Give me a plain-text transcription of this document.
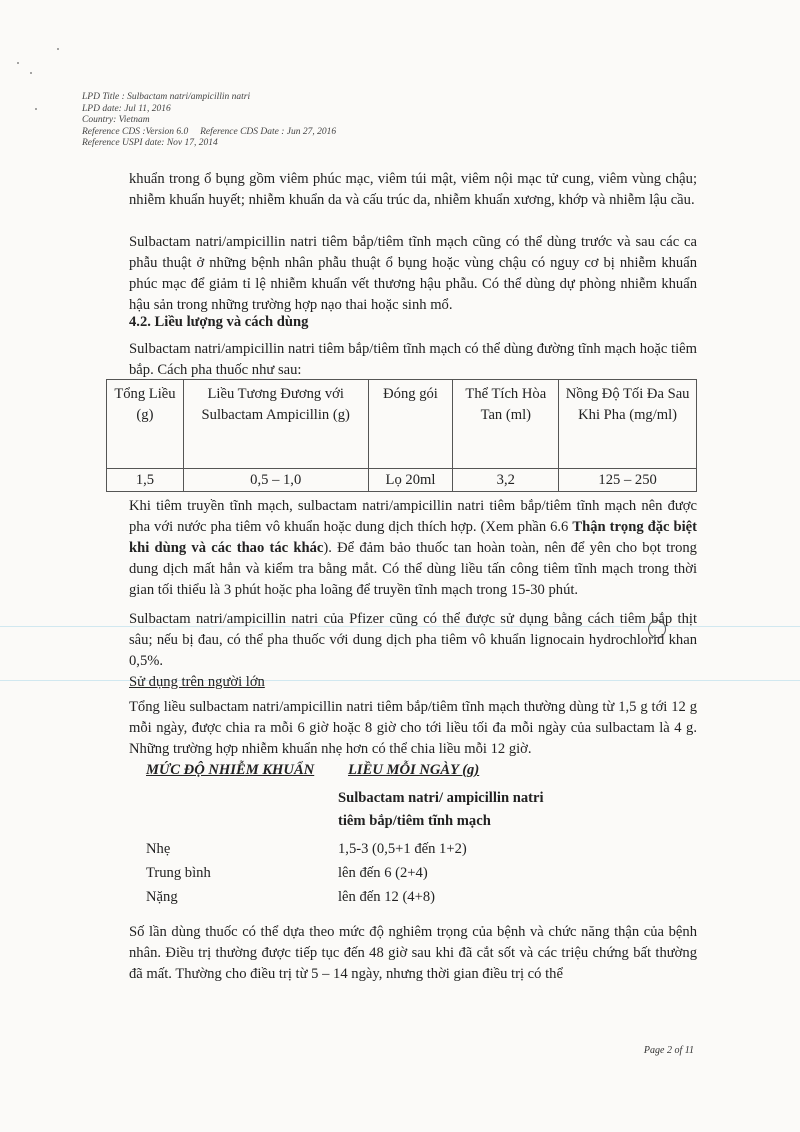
LPD Title : Sulbactam natri/ampicillin natri
LPD date: Jul 11, 2016
Country: Vietnam
Reference CDS :Version 6.0     Reference CDS Date : Jun 27, 2016
Reference USPI date: Nov 17, 2014

khuẩn trong ổ bụng gồm viêm phúc mạc, viêm túi mật, viêm nội mạc tử cung, viêm vùng chậu; nhiễm khuẩn huyết; nhiễm khuẩn da và cấu trúc da, nhiễm khuẩn xương, khớp và nhiễm lậu cầu.

Sulbactam natri/ampicillin natri tiêm bắp/tiêm tĩnh mạch cũng có thể dùng trước và sau các ca phẫu thuật ở những bệnh nhân phẫu thuật ổ bụng hoặc vùng chậu có nguy cơ bị nhiễm khuẩn phúc mạc để giảm tỉ lệ nhiễm khuẩn vết thương hậu phẫu. Có thể dùng dự phòng nhiễm khuẩn hậu sản trong những trường hợp nạo thai hoặc sinh mổ.

4.2. Liều lượng và cách dùng

Sulbactam natri/ampicillin natri tiêm bắp/tiêm tĩnh mạch có thể dùng đường tĩnh mạch hoặc tiêm bắp. Cách pha thuốc như sau:

Tổng Liều (g)	Liều Tương Đương với Sulbactam Ampicillin (g)	Đóng gói	Thể Tích Hòa Tan (ml)	Nồng Độ Tối Đa Sau Khi Pha (mg/ml)
1,5	0,5 – 1,0	Lọ 20ml	3,2	125 – 250

Khi tiêm truyền tĩnh mạch, sulbactam natri/ampicillin natri tiêm bắp/tiêm tĩnh mạch nên được pha với nước pha tiêm vô khuẩn hoặc dung dịch thích hợp. (Xem phần 6.6 Thận trọng đặc biệt khi dùng và các thao tác khác). Để đảm bảo thuốc tan hoàn toàn, nên để yên cho bọt trong dung dịch mất hẳn và kiểm tra bằng mắt. Có thể dùng liều tấn công tiêm tĩnh mạch trong thời gian tối thiểu là 3 phút hoặc pha loãng để truyền tĩnh mạch trong 15-30 phút.

Sulbactam natri/ampicillin natri của Pfizer cũng có thể được sử dụng bằng cách tiêm bắp thịt sâu; nếu bị đau, có thể pha thuốc với dung dịch pha tiêm vô khuẩn lignocain hydrochlorid khan 0,5%.

Sử dụng trên người lớn

Tổng liều sulbactam natri/ampicillin natri tiêm bắp/tiêm tĩnh mạch thường dùng từ 1,5 g tới 12 g mỗi ngày, được chia ra mỗi 6 giờ hoặc 8 giờ cho tới liều tối đa mỗi ngày của sulbactam là 4 g. Những trường hợp nhiễm khuẩn nhẹ hơn có thể chia liều mỗi 12 giờ.

MỨC ĐỘ NHIỄM KHUẨN LIỀU MỖI NGÀY (g)
Sulbactam natri/ ampicillin natri
tiêm bắp/tiêm tĩnh mạch
Nhẹ	1,5-3 (0,5+1 đến 1+2)
Trung bình	lên đến 6 (2+4)
Nặng	lên đến 12 (4+8)

Số lần dùng thuốc có thể dựa theo mức độ nghiêm trọng của bệnh và chức năng thận của bệnh nhân. Điều trị thường được tiếp tục đến 48 giờ sau khi đã cắt sốt và các triệu chứng bất thường đã mất. Thường cho điều trị từ 5 – 14 ngày, nhưng thời gian điều trị có thể

Page 2 of 11
